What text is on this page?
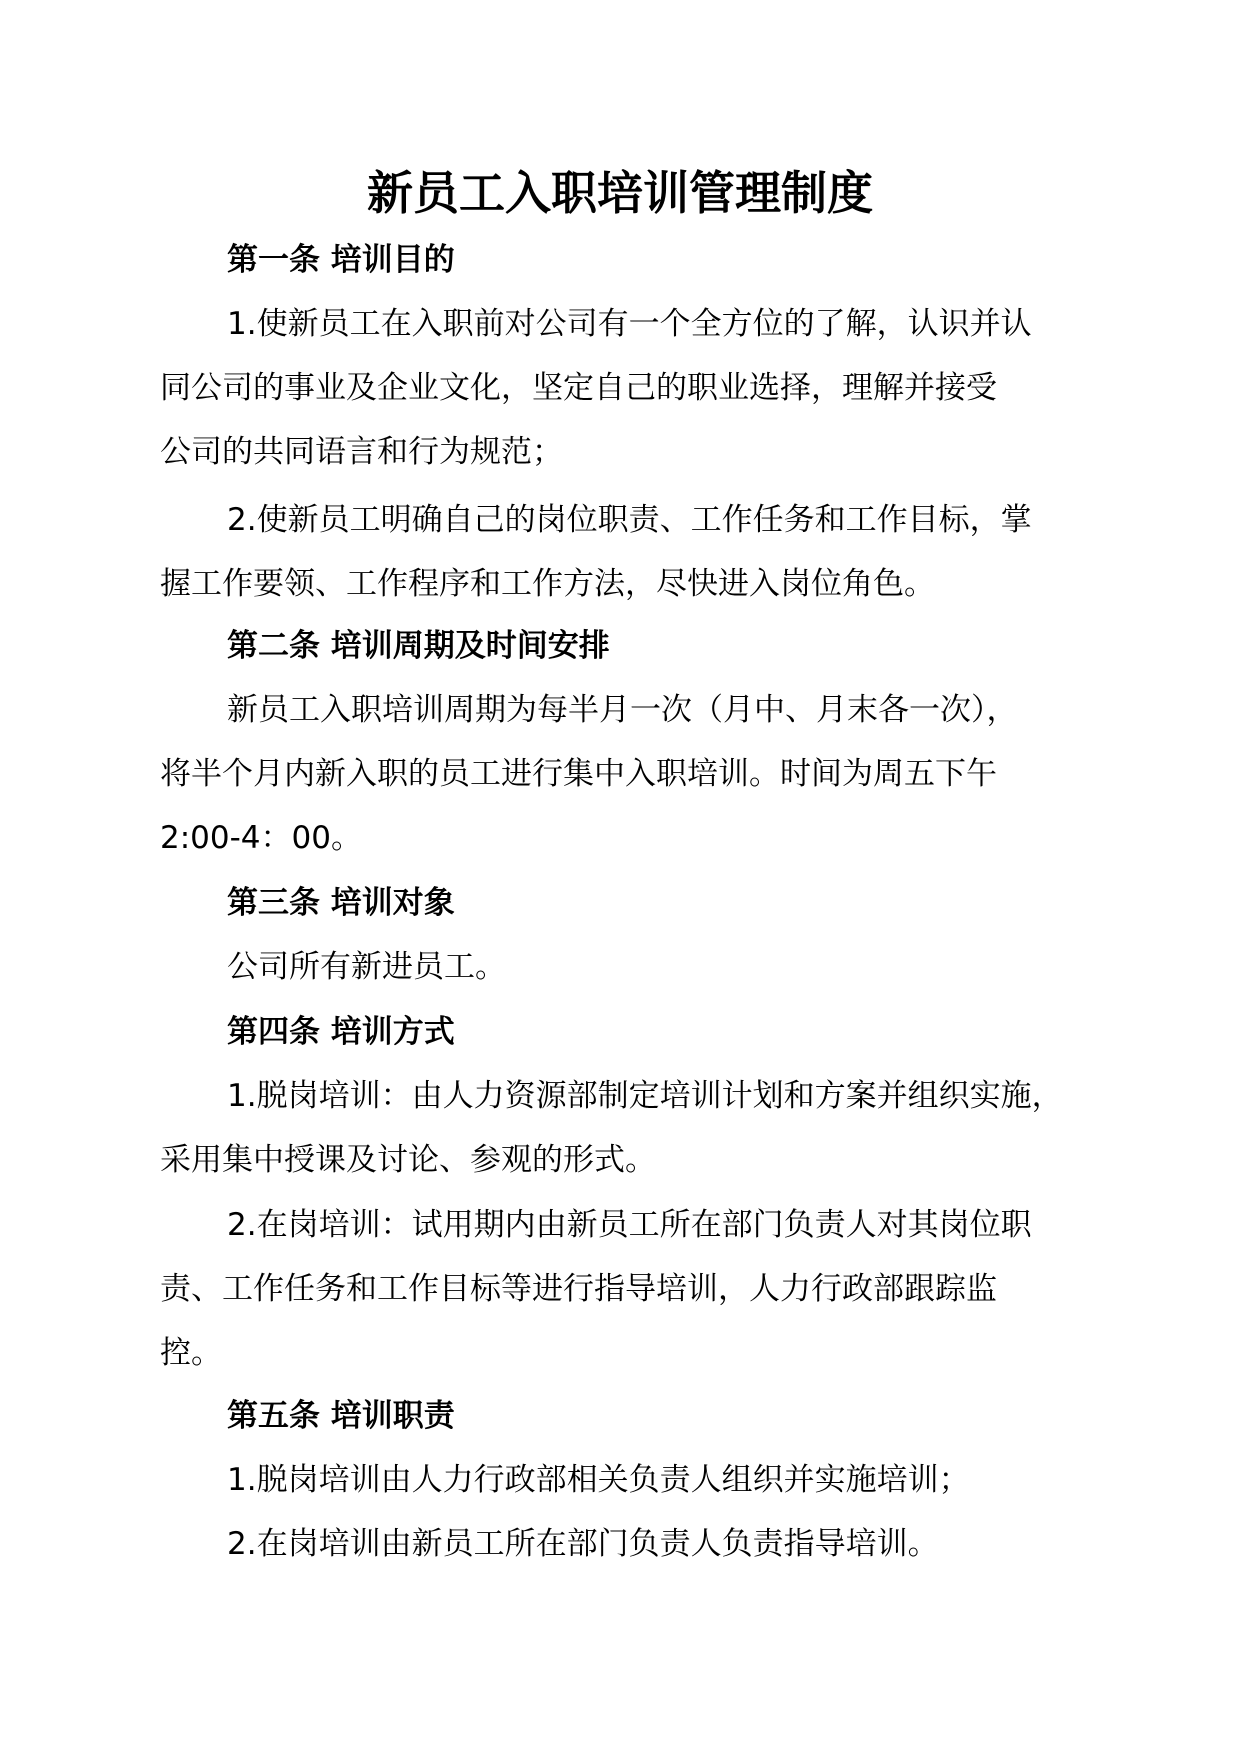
新员工入职培训管理制度
第一条 培训目的
1.使新员工在入职前对公司有一个全方位的了解，认识并认
同公司的事业及企业文化，坚定自己的职业选择，理解并接受
公司的共同语言和行为规范；
2.使新员工明确自己的岗位职责、工作任务和工作目标，掌
握工作要领、工作程序和工作方法，尽快进入岗位角色。
第二条 培训周期及时间安排
新员工入职培训周期为每半月一次（月中、月末各一次），
将半个月内新入职的员工进行集中入职培训。时间为周五下午
2:00-4：00。
第三条 培训对象
公司所有新进员工。
第四条 培训方式
1.脱岗培训：由人力资源部制定培训计划和方案并组织实施，
采用集中授课及讨论、参观的形式。
2.在岗培训：试用期内由新员工所在部门负责人对其岗位职
责、工作任务和工作目标等进行指导培训，人力行政部跟踪监
控。
第五条 培训职责
1.脱岗培训由人力行政部相关负责人组织并实施培训；
2.在岗培训由新员工所在部门负责人负责指导培训。
